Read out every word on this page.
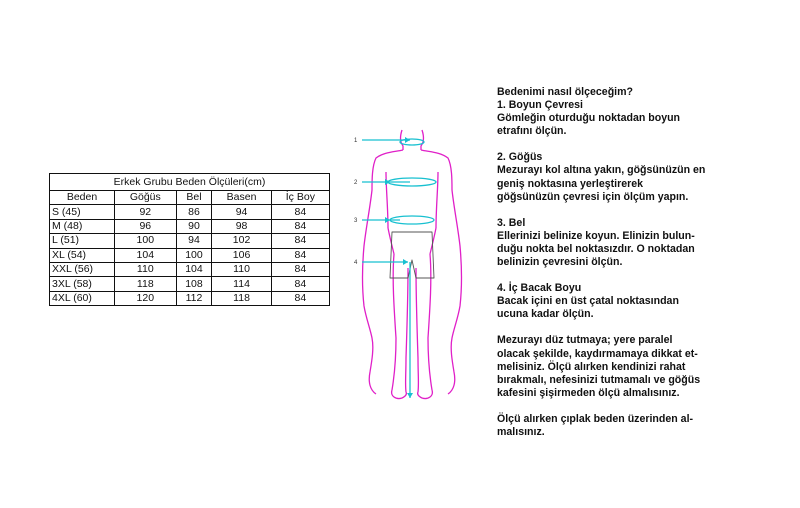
Erkek Grubu Beden Ölçüleri(cm)				
Beden	Göğüs	Bel	Basen	İç Boy
S (45)	92	86	94	84
M (48)	96	90	98	84
L (51)	100	94	102	84
XL (54)	104	100	106	84
XXL (56)	110	104	110	84
3XL (58)	118	108	114	84
4XL (60)	120	112	118	84
1
2
3
4

Bedenimi nasıl ölçeceğim?

1. Boyun Çevresi

Gömleğin oturduğu noktadan boyun

etrafını ölçün.

2. Göğüs

Mezurayı kol altına yakın, göğsünüzün en

geniş noktasına yerleştirerek

göğsünüzün çevresi için ölçüm yapın.

3. Bel

Ellerinizi belinize koyun. Elinizin bulun-

duğu nokta bel noktasızdır. O noktadan

belinizin çevresini ölçün.

4. İç Bacak Boyu

Bacak içini en üst çatal noktasından

ucuna kadar ölçün.

Mezurayı düz tutmaya; yere paralel

olacak şekilde, kaydırmamaya dikkat et-

melisiniz. Ölçü alırken kendinizi rahat

bırakmalı, nefesinizi tutmamalı ve göğüs

kafesini şişirmeden ölçü almalısınız.

Ölçü alırken çıplak beden üzerinden al-

malısınız.
